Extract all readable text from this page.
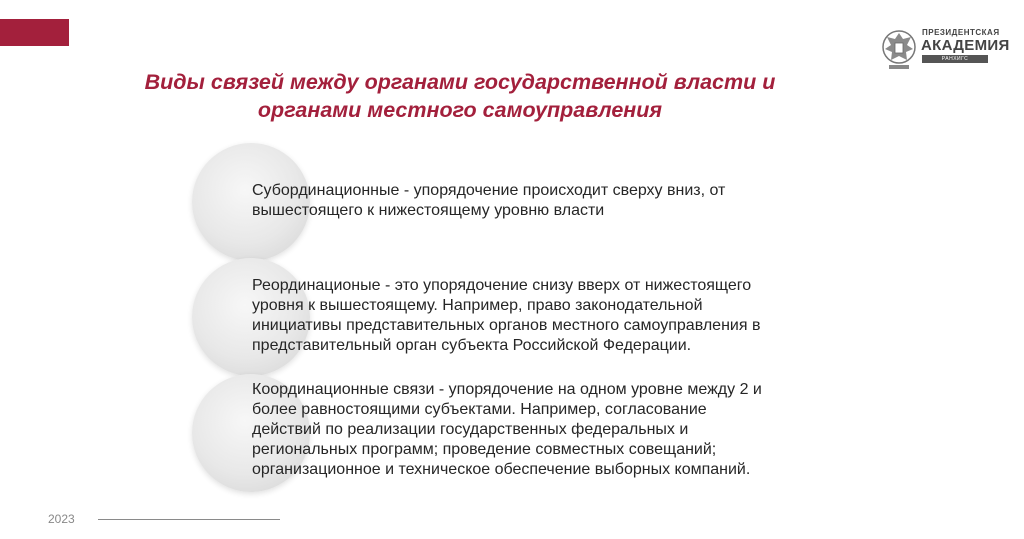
ПРЕЗИДЕНТСКАЯ
АКАДЕМИЯ
РАНХИГС ПРАВИЛЬНЫЙ
Виды связей между органами государственной власти и
органами местного самоуправления
Субординационные - упорядочение происходит сверху вниз, от
вышестоящего к нижестоящему уровню власти
Реординационые - это упорядочение снизу вверх от нижестоящего
уровня к вышестоящему. Например, право законодательной
инициативы представительных органов местного самоуправления в
представительный орган субъекта Российской Федерации.
Координационные связи - упорядочение на одном уровне между 2 и
более равностоящими субъектами. Например, согласование
действий по реализации государственных федеральных и
региональных программ; проведение совместных совещаний;
организационное и техническое обеспечение выборных компаний.
2023
